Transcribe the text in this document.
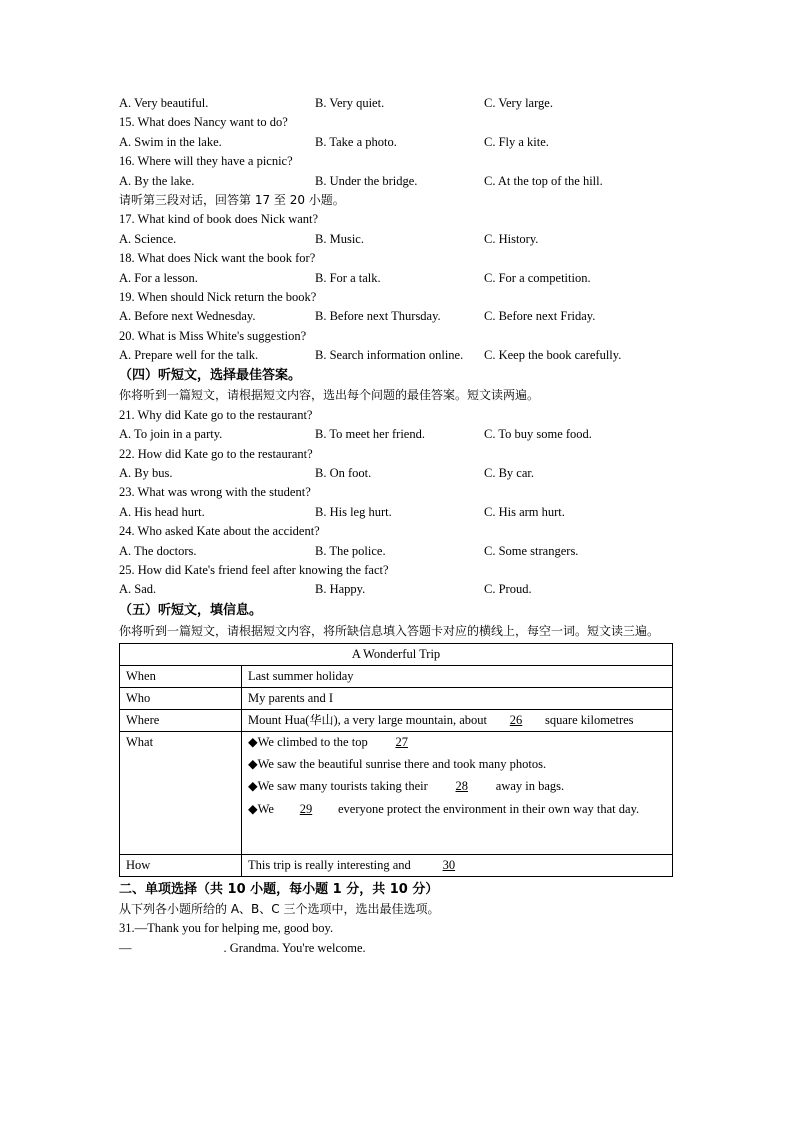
A. Very beautiful.	B. Very quiet.	C. Very large.
15. What does Nancy want to do?
A. Swim in the lake.	B. Take a photo.	C. Fly a kite.
16. Where will they have a picnic?
A. By the lake.	B. Under the bridge.	C. At the top of the hill.
请听第三段对话，回答第 17 至 20 小题。
17. What kind of book does Nick want?
A. Science.	B. Music.	C. History.
18. What does Nick want the book for?
A. For a lesson.	B. For a talk.	C. For a competition.
19. When should Nick return the book?
A. Before next Wednesday.	B. Before next Thursday.	C. Before next Friday.
20. What is Miss White's suggestion?
A. Prepare well for the talk.	B. Search information online. C. Keep the book carefully.
（四）听短文，选择最佳答案。
你将听到一篇短文，请根据短文内容，选出每个问题的最佳答案。短文读两遍。
21. Why did Kate go to the restaurant?
A. To join in a party.	B. To meet her friend.	C. To buy some food.
22. How did Kate go to the restaurant?
A. By bus.	B. On foot.	C. By car.
23. What was wrong with the student?
A. His head hurt.	B. His leg hurt.	C. His arm hurt.
24. Who asked Kate about the accident?
A. The doctors.	B. The police.	C. Some strangers.
25. How did Kate's friend feel after knowing the fact?
A. Sad.	B. Happy.	C. Proud.
（五）听短文，填信息。
你将听到一篇短文，请根据短文内容，将所缺信息填入答题卡对应的横线上，每空一词。短文读三遍。
A Wonderful Trip	
When	Last summer holiday
Who	My parents and I
Where	Mount Hua(华山), a very large mountain, about 26 square kilometres
What	◆We climbed to the top 27
◆We saw the beautiful sunrise there and took many photos.
◆We saw many tourists taking their 28 away in bags.
◆We 29 everyone protect the environment in their own way that day.

How	This trip is really interesting and 30
二、单项选择（共 10 小题，每小题 1 分，共 10 分）
从下列各小题所给的 A、B、C 三个选项中，选出最佳选项。
31.—Thank you for helping me, good boy.
—	. Grandma. You're welcome.
